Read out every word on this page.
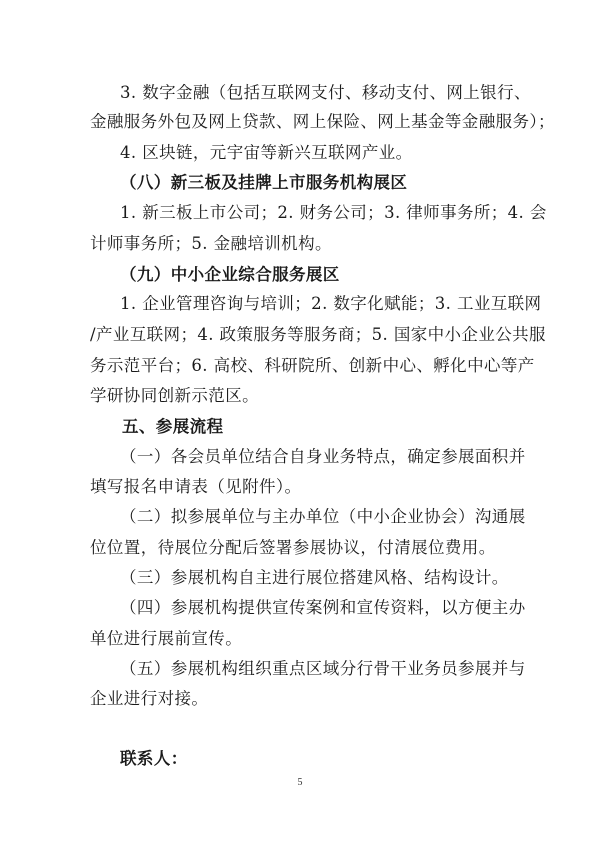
3. 数字金融（包括互联网支付、移动支付、网上银行、
金融服务外包及网上贷款、网上保险、网上基金等金融服务）；
4. 区块链，元宇宙等新兴互联网产业。
（八）新三板及挂牌上市服务机构展区
1. 新三板上市公司；2. 财务公司；3. 律师事务所；4. 会
计师事务所；5. 金融培训机构。
（九）中小企业综合服务展区
1. 企业管理咨询与培训；2. 数字化赋能；3. 工业互联网
/产业互联网；4. 政策服务等服务商；5. 国家中小企业公共服
务示范平台；6. 高校、科研院所、创新中心、孵化中心等产
学研协同创新示范区。
五、参展流程
（一）各会员单位结合自身业务特点，确定参展面积并
填写报名申请表（见附件）。
（二）拟参展单位与主办单位（中小企业协会）沟通展
位位置，待展位分配后签署参展协议，付清展位费用。
（三）参展机构自主进行展位搭建风格、结构设计。
（四）参展机构提供宣传案例和宣传资料，以方便主办
单位进行展前宣传。
（五）参展机构组织重点区域分行骨干业务员参展并与
企业进行对接。
联系人：
5
